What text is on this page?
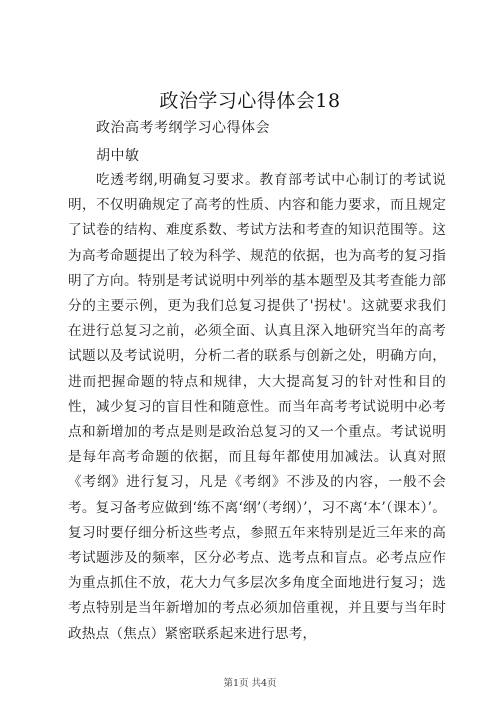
政治学习心得体会18
政治高考考纲学习心得体会
胡中敏

吃透考纲,明确复习要求。教育部考试中心制订的考试说明，不仅明确规定了高考的性质、内容和能力要求，而且规定了试卷的结构、难度系数、考试方法和考查的知识范围等。这为高考命题提出了较为科学、规范的依据，也为高考的复习指明了方向。特别是考试说明中列举的基本题型及其考查能力部分的主要示例，更为我们总复习提供了'拐杖'。这就要求我们在进行总复习之前，必须全面、认真且深入地研究当年的高考试题以及考试说明，分析二者的联系与创新之处，明确方向，进而把握命题的特点和规律，大大提高复习的针对性和目的性，减少复习的盲目性和随意性。而当年高考考试说明中必考点和新增加的考点是则是政治总复习的又一个重点。考试说明是每年高考命题的依据，而且每年都使用加减法。认真对照《考纲》进行复习，凡是《考纲》不涉及的内容，一般不会考。复习备考应做到‘练不离‘纲’（考纲）’，习不离‘本’（课本）’。复习时要仔细分析这些考点，参照五年来特别是近三年来的高考试题涉及的频率，区分必考点、选考点和盲点。必考点应作为重点抓住不放，花大力气多层次多角度全面地进行复习；选考点特别是当年新增加的考点必须加倍重视，并且要与当年时政热点（焦点）紧密联系起来进行思考，

第1页 共4页
